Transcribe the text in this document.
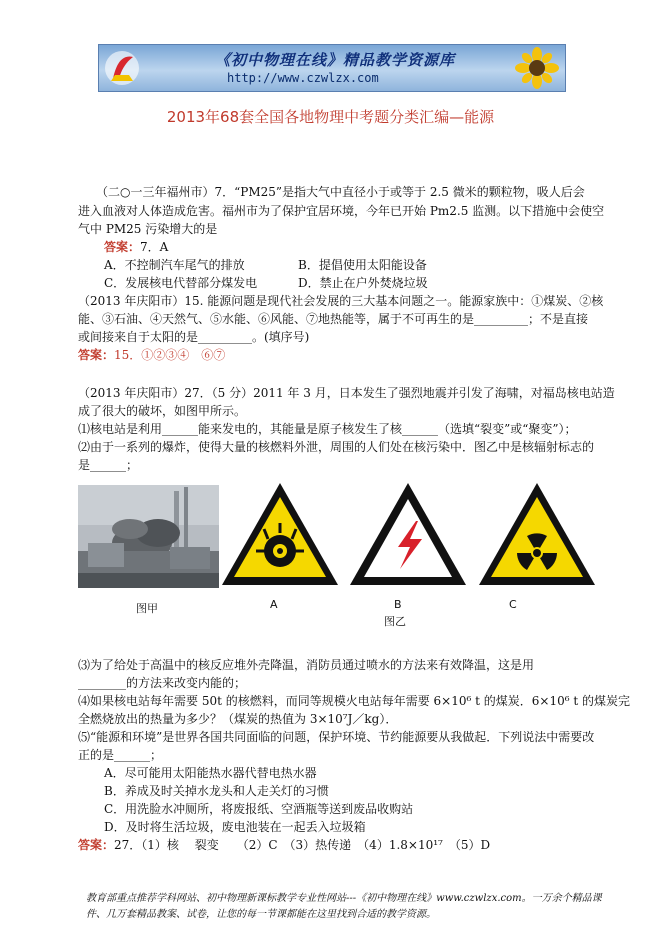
《初中物理在线》精品教学资源库
http://www.czwlzx.com
2013年68套全国各地物理中考题分类汇编—能源
（二○一三年福州市）7．“PM25”是指大气中直径小于或等于 2.5 微米的颗粒物，吸人后会
进入血液对人体造成危害。福州市为了保护宜居环境，今年已开始 Pm2.5 监测。以下措施中会使空
气中 PM25 污染增大的是
答案：7．A
A．不控制汽车尾气的排放	B．提倡使用太阳能设备
C．发展核电代替部分煤发电	D．禁止在户外焚烧垃圾
（2013 年庆阳市）15. 能源问题是现代社会发展的三大基本问题之一。能源家族中：①煤炭、②核
能、③石油、④天然气、⑤水能、⑥风能、⑦地热能等，属于不可再生的是_________；不是直接
或间接来自于太阳的是_________。(填序号)
答案：15．①②③④　⑥⑦
（2013 年庆阳市）27．（5 分）2011 年 3 月，日本发生了强烈地震并引发了海啸，对福岛核电站造
成了很大的破坏，如图甲所示。
⑴核电站是利用______能来发电的，其能量是原子核发生了核______（选填“裂变”或“聚变”）；
⑵由于一系列的爆炸，使得大量的核燃料外泄，周围的人们处在核污染中．图乙中是核辐射标志的
是______；
图甲	A	B	C
图乙
⑶为了给处于高温中的核反应堆外壳降温，消防员通过喷水的方法来有效降温，这是用
________的方法来改变内能的；
⑷如果核电站每年需要 50t 的核燃料，而同等规模火电站每年需要 6×10⁶ t 的煤炭．6×10⁶ t 的煤炭完
全燃烧放出的热量为多少？（煤炭的热值为 3×10⁷J／kg）．
⑸“能源和环境”是世界各国共同面临的问题，保护环境、节约能源要从我做起．下列说法中需要改
正的是______；
A．尽可能用太阳能热水器代替电热水器
B．养成及时关掉水龙头和人走关灯的习惯
C．用洗脸水冲厕所，将废报纸、空酒瓶等送到废品收购站
D．及时将生活垃圾，废电池装在一起丢入垃圾箱
答案：27．（1）核　 裂变　　（2）C　（3）热传递　（4）1.8×10¹⁷　（5）D
教育部重点推荐学科网站、初中物理新课标教学专业性网站---《初中物理在线》www.czwlzx.com。一万余个精品课
件、几万套精品教案、试卷，让您的每一节课都能在这里找到合适的教学资源。
